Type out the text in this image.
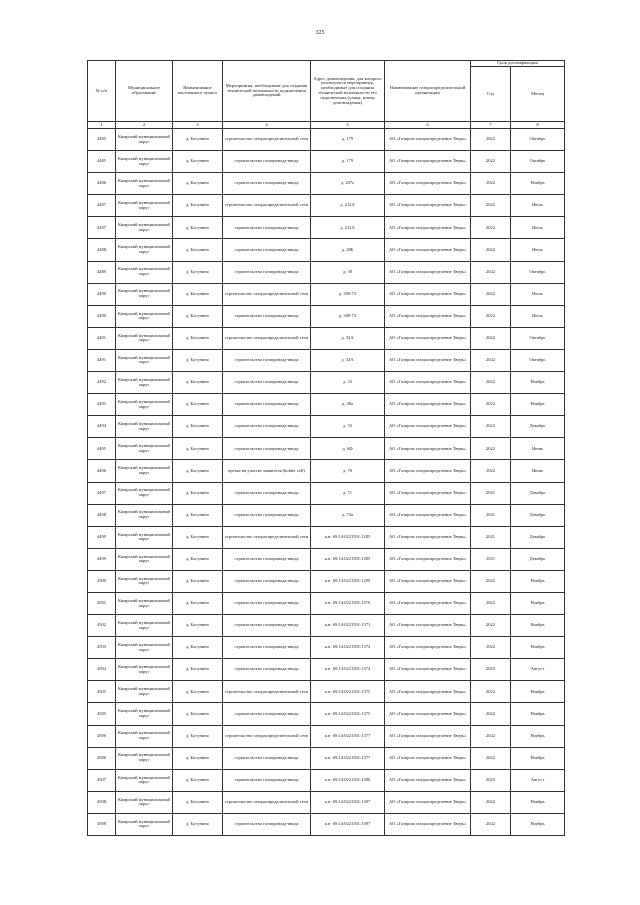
325
№ п/п	Муниципальное образование	Наименование населенного пункта	Мероприятия, необходимые для создания технической возможности подключения домовладений	Адрес домовладения, для которого реализуются мероприятия, необходимые для создания технической возможности его подключения (улица, номер домовладения)	Наименование газораспределительной организации	Срок догазификации	
						Год	Месяц
1	2	3	4	5	6	7	8
4485	Кимрский муниципальный округ	д. Богунино	строительство газораспределительной сети	д. 179	АО «Газпром газораспределение Тверь»	2022	Октябрь
4485	Кимрский муниципальный округ	д. Богунино	строительство газопровода-ввода	д. 179	АО «Газпром газораспределение Тверь»	2022	Октябрь
4486	Кимрский муниципальный округ	д. Богунино	строительство газопровода-ввода	д. 207а	АО «Газпром газораспределение Тверь»	2022	Ноябрь
4487	Кимрский муниципальный округ	д. Богунино	строительство газораспределительной сети	д. 212А	АО «Газпром газораспределение Тверь»	2022	Июль
4487	Кимрский муниципальный округ	д. Богунино	строительство газопровода-ввода	д. 212А	АО «Газпром газораспределение Тверь»	2022	Июль
4488	Кимрский муниципальный округ	д. Богунино	строительство газопровода-ввода	д. 28Б	АО «Газпром газораспределение Тверь»	2022	Июль
4489	Кимрский муниципальный округ	д. Богунино	строительство газопровода-ввода	д. 30	АО «Газпром газораспределение Тверь»	2022	Октябрь
4490	Кимрский муниципальный округ	д. Богунино	строительство газораспределительной сети	д. 300-73	АО «Газпром газораспределение Тверь»	2022	Июль
4490	Кимрский муниципальный округ	д. Богунино	строительство газопровода-ввода	д. 300-73	АО «Газпром газораспределение Тверь»	2022	Июль
4491	Кимрский муниципальный округ	д. Богунино	строительство газораспределительной сети	д. 32А	АО «Газпром газораспределение Тверь»	2022	Октябрь
4491	Кимрский муниципальный округ	д. Богунино	строительство газопровода-ввода	д. 32А	АО «Газпром газораспределение Тверь»	2022	Октябрь
4492	Кимрский муниципальный округ	д. Богунино	строительство газопровода-ввода	д. 33	АО «Газпром газораспределение Тверь»	2022	Ноябрь
4493	Кимрский муниципальный округ	д. Богунино	строительство газопровода-ввода	д. 48а	АО «Газпром газораспределение Тверь»	2022	Ноябрь
4494	Кимрский муниципальный округ	д. Богунино	строительство газопровода-ввода	д. 55	АО «Газпром газораспределение Тверь»	2023	Декабрь
4495	Кимрский муниципальный округ	д. Богунино	строительство газопровода-ввода	д. 6Ф	АО «Газпром газораспределение Тверь»	2022	Июнь
4496	Кимрский муниципальный округ	д. Богунино	врезка на участке заявителя (holder cell)	д. 70	АО «Газпром газораспределение Тверь»	2022	Июнь
4497	Кимрский муниципальный округ	д. Богунино	строительство газопровода-ввода	д. 71	АО «Газпром газораспределение Тверь»	2021	Декабрь
4498	Кимрский муниципальный округ	д. Богунино	строительство газопровода-ввода	д. 74а	АО «Газпром газораспределение Тверь»	2021	Декабрь
4499	Кимрский муниципальный округ	д. Богунино	строительство газораспределительной сети	к.н. 69:14:0221501:1285	АО «Газпром газораспределение Тверь»	2021	Декабрь
4499	Кимрский муниципальный округ	д. Богунино	строительство газопровода-ввода	к.н. 69:14:0221501:1285	АО «Газпром газораспределение Тверь»	2021	Декабрь
4500	Кимрский муниципальный округ	д. Богунино	строительство газопровода-ввода	к.н. 69:14:0221501:1299	АО «Газпром газораспределение Тверь»	2022	Ноябрь
4501	Кимрский муниципальный округ	д. Богунино	строительство газопровода-ввода	к.н. 69:14:0221501:1370	АО «Газпром газораспределение Тверь»	2022	Ноябрь
4502	Кимрский муниципальный округ	д. Богунино	строительство газопровода-ввода	к.н. 69:14:0221501:1371	АО «Газпром газораспределение Тверь»	2022	Ноябрь
4503	Кимрский муниципальный округ	д. Богунино	строительство газопровода-ввода	к.н. 69:14:0221501:1372	АО «Газпром газораспределение Тверь»	2022	Ноябрь
4504	Кимрский муниципальный округ	д. Богунино	строительство газопровода-ввода	к.н. 69:14:0221501:1374	АО «Газпром газораспределение Тверь»	2023	Август
4505	Кимрский муниципальный округ	д. Богунино	строительство газораспределительной сети	к.н. 69:14:0221501:1375	АО «Газпром газораспределение Тверь»	2022	Ноябрь
4505	Кимрский муниципальный округ	д. Богунино	строительство газопровода-ввода	к.н. 69:14:0221501:1375	АО «Газпром газораспределение Тверь»	2022	Ноябрь
4506	Кимрский муниципальный округ	д. Богунино	строительство газораспределительной сети	к.н. 69:14:0221501:1377	АО «Газпром газораспределение Тверь»	2022	Ноябрь
4506	Кимрский муниципальный округ	д. Богунино	строительство газопровода-ввода	к.н. 69:14:0221501:1377	АО «Газпром газораспределение Тверь»	2022	Ноябрь
4507	Кимрский муниципальный округ	д. Богунино	строительство газопровода-ввода	к.н. 69:14:0221501:1386	АО «Газпром газораспределение Тверь»	2023	Август
4508	Кимрский муниципальный округ	д. Богунино	строительство газораспределительной сети	к.н. 69:14:0221501:1397	АО «Газпром газораспределение Тверь»	2022	Ноябрь
4508	Кимрский муниципальный округ	д. Богунино	строительство газопровода-ввода	к.н. 69:14:0221501:1397	АО «Газпром газораспределение Тверь»	2022	Ноябрь
